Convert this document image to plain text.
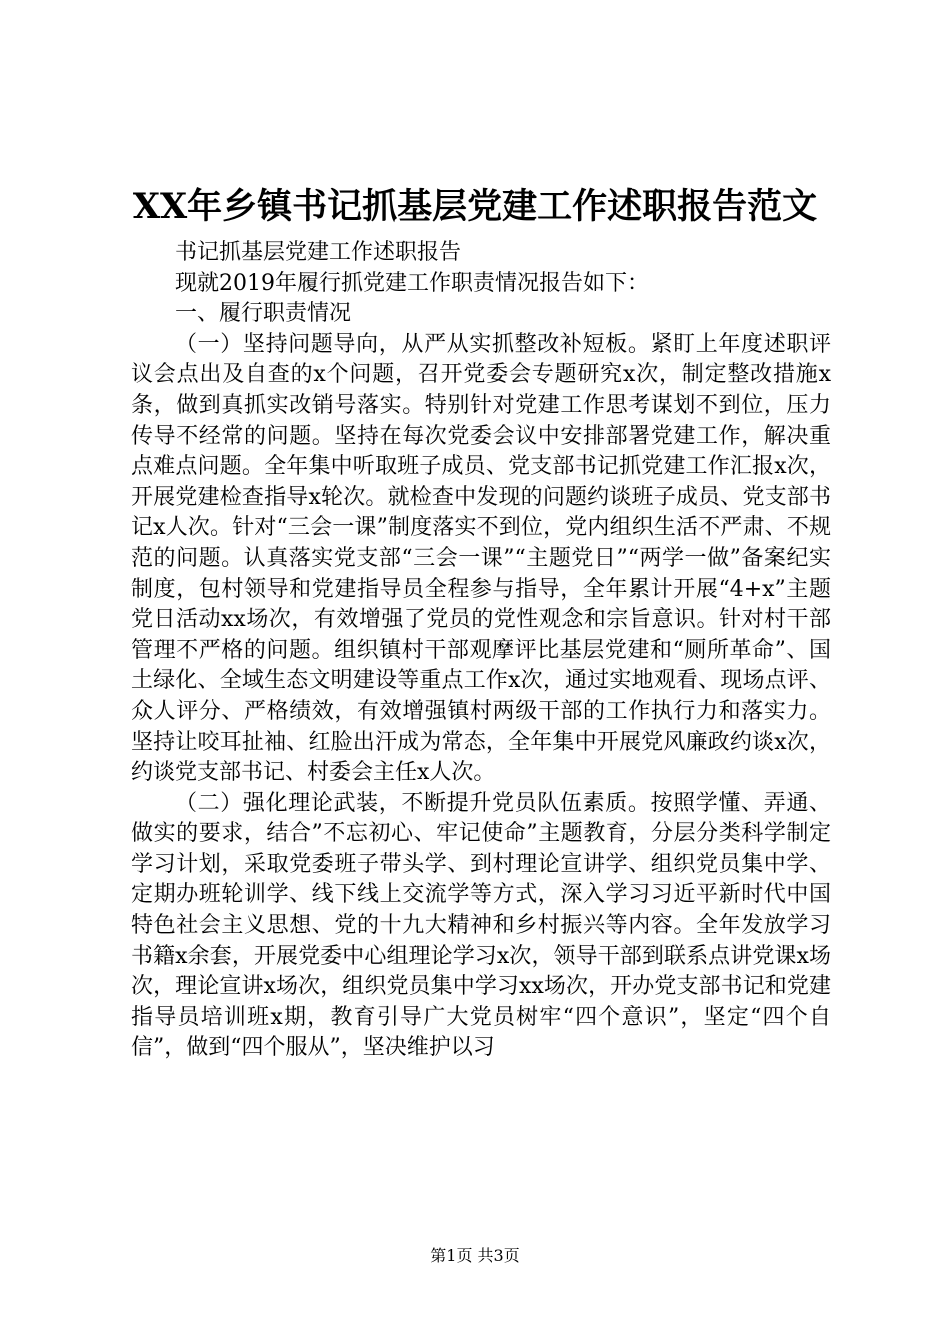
XX年乡镇书记抓基层党建工作述职报告范文

书记抓基层党建工作述职报告

现就2019年履行抓党建工作职责情况报告如下：

一、履行职责情况

（一）坚持问题导向，从严从实抓整改补短板。紧盯上年度述职评议会点出及自查的x个问题，召开党委会专题研究x次，制定整改措施x条，做到真抓实改销号落实。特别针对党建工作思考谋划不到位，压力传导不经常的问题。坚持在每次党委会议中安排部署党建工作，解决重点难点问题。全年集中听取班子成员、党支部书记抓党建工作汇报x次，开展党建检查指导x轮次。就检查中发现的问题约谈班子成员、党支部书记x人次。针对“三会一课”制度落实不到位，党内组织生活不严肃、不规范的问题。认真落实党支部“三会一课”“主题党日”“两学一做”备案纪实制度，包村领导和党建指导员全程参与指导，全年累计开展“4+x”主题党日活动xx场次，有效增强了党员的党性观念和宗旨意识。针对村干部管理不严格的问题。组织镇村干部观摩评比基层党建和“厕所革命”、国土绿化、全域生态文明建设等重点工作x次，通过实地观看、现场点评、众人评分、严格绩效，有效增强镇村两级干部的工作执行力和落实力。坚持让咬耳扯袖、红脸出汗成为常态，全年集中开展党风廉政约谈x次，约谈党支部书记、村委会主任x人次。

（二）强化理论武装，不断提升党员队伍素质。按照学懂、弄通、做实的要求，结合”不忘初心、牢记使命”主题教育，分层分类科学制定学习计划，采取党委班子带头学、到村理论宣讲学、组织党员集中学、定期办班轮训学、线下线上交流学等方式，深入学习习近平新时代中国特色社会主义思想、党的十九大精神和乡村振兴等内容。全年发放学习书籍x余套，开展党委中心组理论学习x次，领导干部到联系点讲党课x场次，理论宣讲x场次，组织党员集中学习xx场次，开办党支部书记和党建指导员培训班x期，教育引导广大党员树牢“四个意识”，坚定“四个自信”，做到“四个服从”，坚决维护以习

第1页 共3页
